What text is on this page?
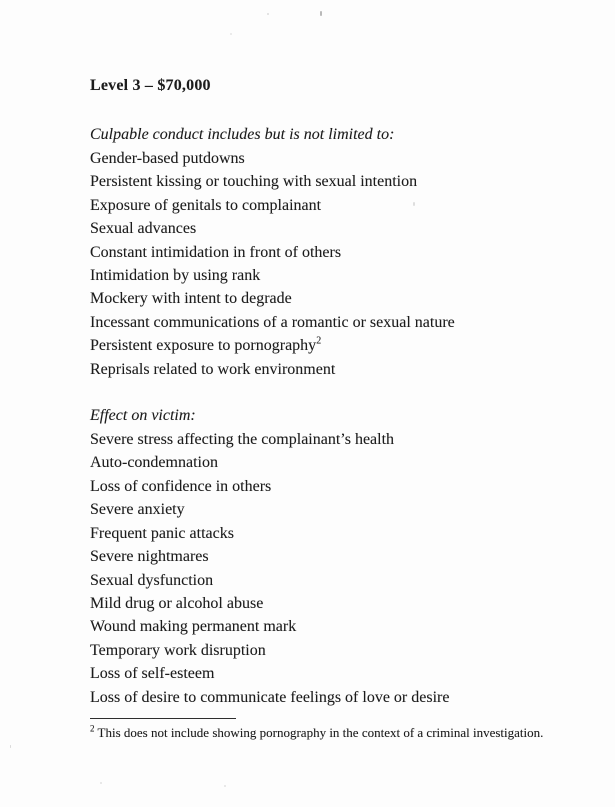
Level 3 – $70,000

Culpable conduct includes but is not limited to:

Gender-based putdowns

Persistent kissing or touching with sexual intention

Exposure of genitals to complainant

Sexual advances

Constant intimidation in front of others

Intimidation by using rank

Mockery with intent to degrade

Incessant communications of a romantic or sexual nature

Persistent exposure to pornography$^2$

Reprisals related to work environment

Effect on victim:

Severe stress affecting the complainant’s health

Auto-condemnation

Loss of confidence in others

Severe anxiety

Frequent panic attacks

Severe nightmares

Sexual dysfunction

Mild drug or alcohol abuse

Wound making permanent mark

Temporary work disruption

Loss of self-esteem

Loss of desire to communicate feelings of love or desire

$^2$ This does not include showing pornography in the context of a criminal investigation.
